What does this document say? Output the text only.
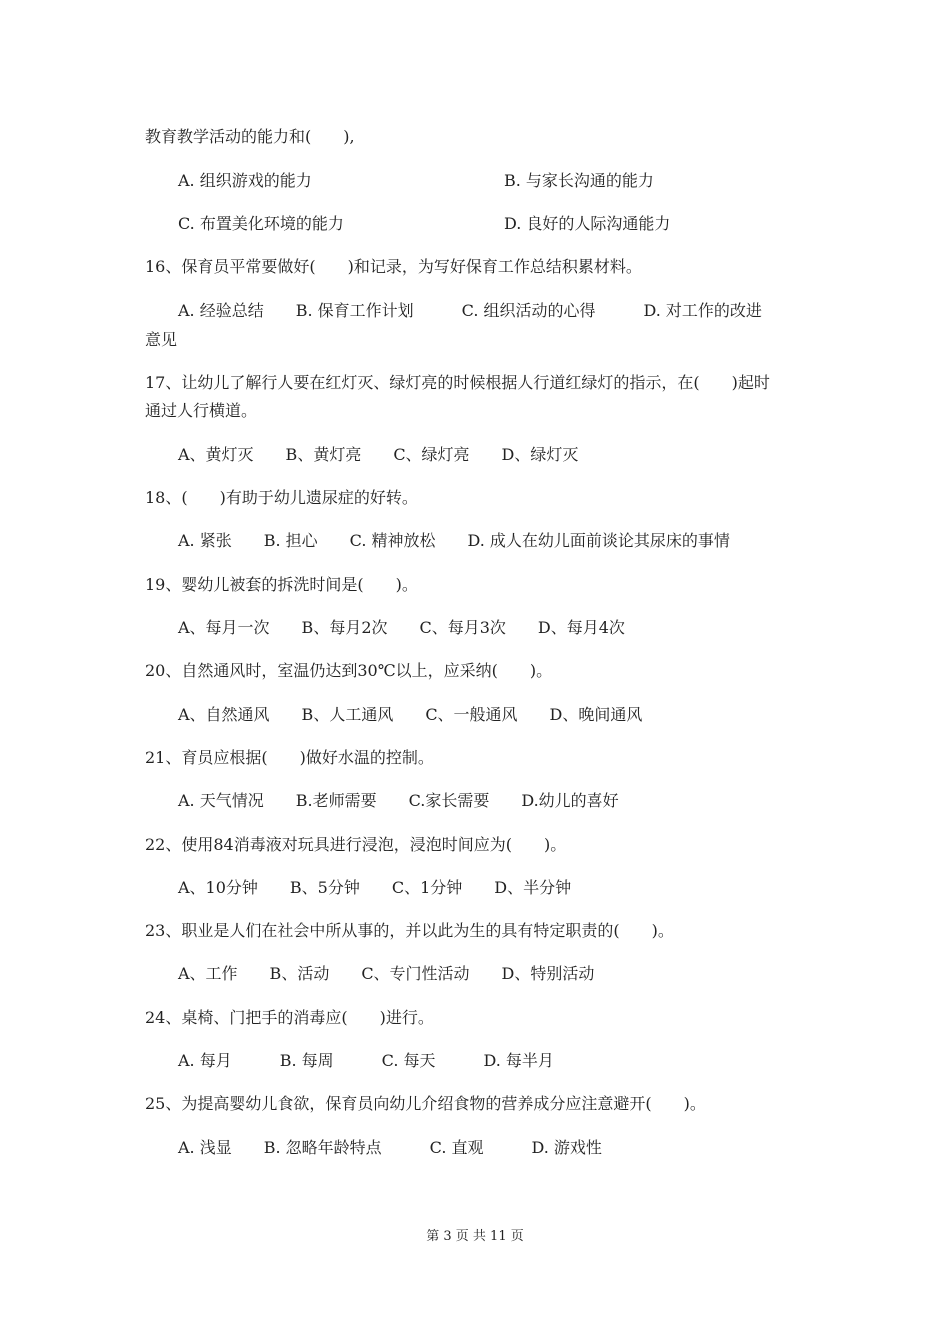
教育教学活动的能力和(　　),
A. 组织游戏的能力	B. 与家长沟通的能力
C. 布置美化环境的能力	D. 良好的人际沟通能力
16、保育员平常要做好(　　)和记录，为写好保育工作总结积累材料。
A. 经验总结　　B. 保育工作计划　　　C. 组织活动的心得　　　D. 对工作的改进
意见
17、让幼儿了解行人要在红灯灭、绿灯亮的时候根据人行道红绿灯的指示，在(　　)起时
通过人行横道。
A、黄灯灭　　B、黄灯亮　　C、绿灯亮　　D、绿灯灭
18、(　　)有助于幼儿遗尿症的好转。
A. 紧张　　B. 担心　　C. 精神放松　　D. 成人在幼儿面前谈论其尿床的事情
19、婴幼儿被套的拆洗时间是(　　)。
A、每月一次　　B、每月2次　　C、每月3次　　D、每月4次
20、自然通风时，室温仍达到30℃以上，应采纳(　　)。
A、自然通风　　B、人工通风　　C、一般通风　　D、晚间通风
21、育员应根据(　　)做好水温的控制。
A. 天气情况　　B.老师需要　　C.家长需要　　D.幼儿的喜好
22、使用84消毒液对玩具进行浸泡，浸泡时间应为(　　)。
A、10分钟　　B、5分钟　　C、1分钟　　D、半分钟
23、职业是人们在社会中所从事的，并以此为生的具有特定职责的(　　)。
A、工作　　B、活动　　C、专门性活动　　D、特别活动
24、桌椅、门把手的消毒应(　　)进行。
A. 每月　　　B. 每周　　　C. 每天　　　D. 每半月
25、为提高婴幼儿食欲，保育员向幼儿介绍食物的营养成分应注意避开(　　)。
A. 浅显　　B. 忽略年龄特点　　　C. 直观　　　D. 游戏性
第 3 页 共 11 页
